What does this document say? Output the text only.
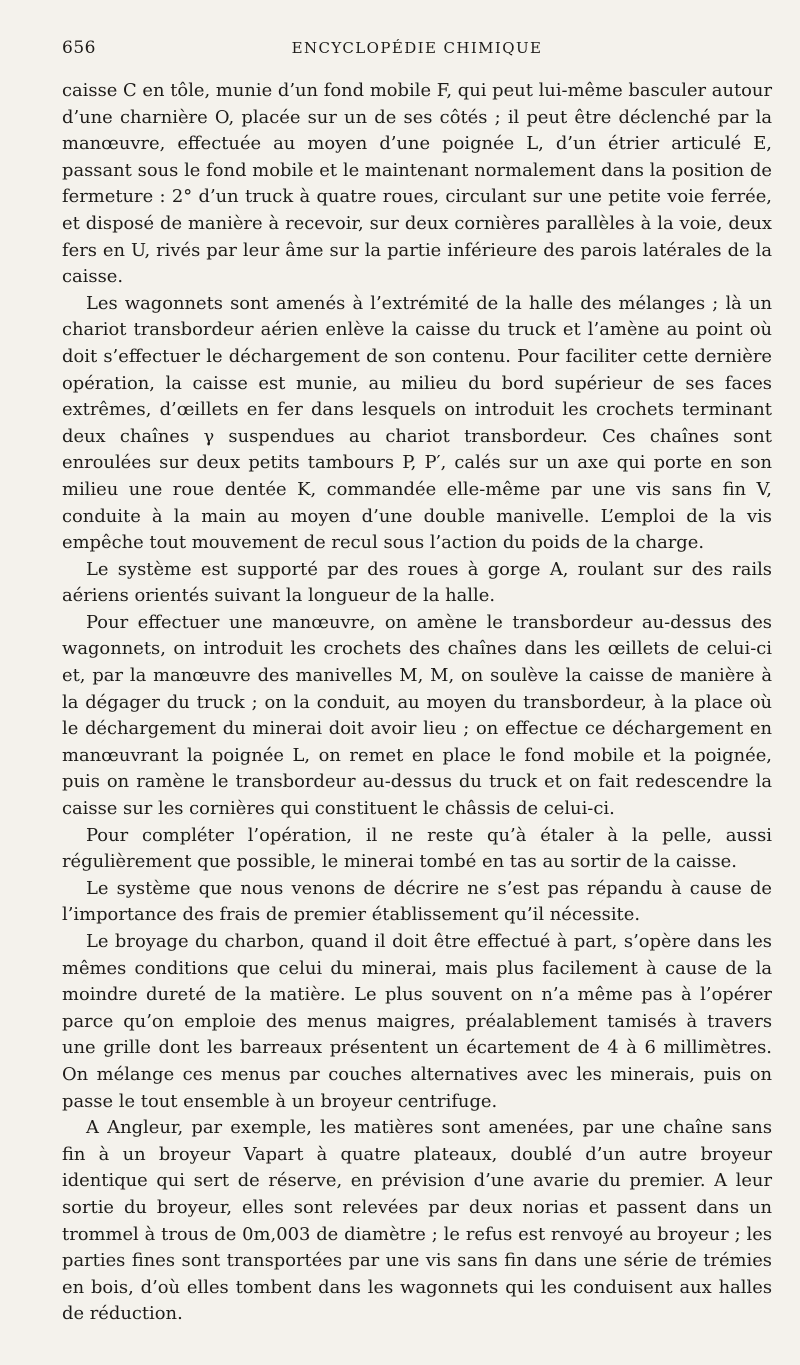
656	ENCYCLOPÉDIE CHIMIQUE

caisse C en tôle, munie d’un fond mobile F, qui peut lui-même basculer autour d’une charnière O, placée sur un de ses côtés ; il peut être déclenché par la manœuvre, effectuée au moyen d’une poignée L, d’un étrier articulé E, passant sous le fond mobile et le maintenant normalement dans la position de fermeture : 2° d’un truck à quatre roues, circulant sur une petite voie ferrée, et disposé de manière à recevoir, sur deux cornières parallèles à la voie, deux fers en U, rivés par leur âme sur la partie inférieure des parois latérales de la caisse.

Les wagonnets sont amenés à l’extrémité de la halle des mélanges ; là un chariot transbordeur aérien enlève la caisse du truck et l’amène au point où doit s’effectuer le déchargement de son contenu. Pour faciliter cette dernière opération, la caisse est munie, au milieu du bord supérieur de ses faces extrêmes, d’œillets en fer dans lesquels on introduit les crochets terminant deux chaînes γ suspendues au chariot transbordeur. Ces chaînes sont enroulées sur deux petits tambours P, P′, calés sur un axe qui porte en son milieu une roue dentée K, commandée elle-même par une vis sans fin V, conduite à la main au moyen d’une double manivelle. L’emploi de la vis empêche tout mouvement de recul sous l’action du poids de la charge.

Le système est supporté par des roues à gorge A, roulant sur des rails aériens orientés suivant la longueur de la halle.

Pour effectuer une manœuvre, on amène le transbordeur au-dessus des wagonnets, on introduit les crochets des chaînes dans les œillets de celui-ci et, par la manœuvre des manivelles M, M, on soulève la caisse de manière à la dégager du truck ; on la conduit, au moyen du transbordeur, à la place où le déchargement du minerai doit avoir lieu ; on effectue ce déchargement en manœuvrant la poignée L, on remet en place le fond mobile et la poignée, puis on ramène le transbordeur au-dessus du truck et on fait redescendre la caisse sur les cornières qui constituent le châssis de celui-ci.

Pour compléter l’opération, il ne reste qu’à étaler à la pelle, aussi régulièrement que possible, le minerai tombé en tas au sortir de la caisse.

Le système que nous venons de décrire ne s’est pas répandu à cause de l’importance des frais de premier établissement qu’il nécessite.

Le broyage du charbon, quand il doit être effectué à part, s’opère dans les mêmes conditions que celui du minerai, mais plus facilement à cause de la moindre dureté de la matière. Le plus souvent on n’a même pas à l’opérer parce qu’on emploie des menus maigres, préalablement tamisés à travers une grille dont les barreaux présentent un écartement de 4 à 6 millimètres. On mélange ces menus par couches alternatives avec les minerais, puis on passe le tout ensemble à un broyeur centrifuge.

A Angleur, par exemple, les matières sont amenées, par une chaîne sans fin à un broyeur Vapart à quatre plateaux, doublé d’un autre broyeur identique qui sert de réserve, en prévision d’une avarie du premier. A leur sortie du broyeur, elles sont relevées par deux norias et passent dans un trommel à trous de 0m,003 de diamètre ; le refus est renvoyé au broyeur ; les parties fines sont transportées par une vis sans fin dans une série de trémies en bois, d’où elles tombent dans les wagonnets qui les conduisent aux halles de réduction.
